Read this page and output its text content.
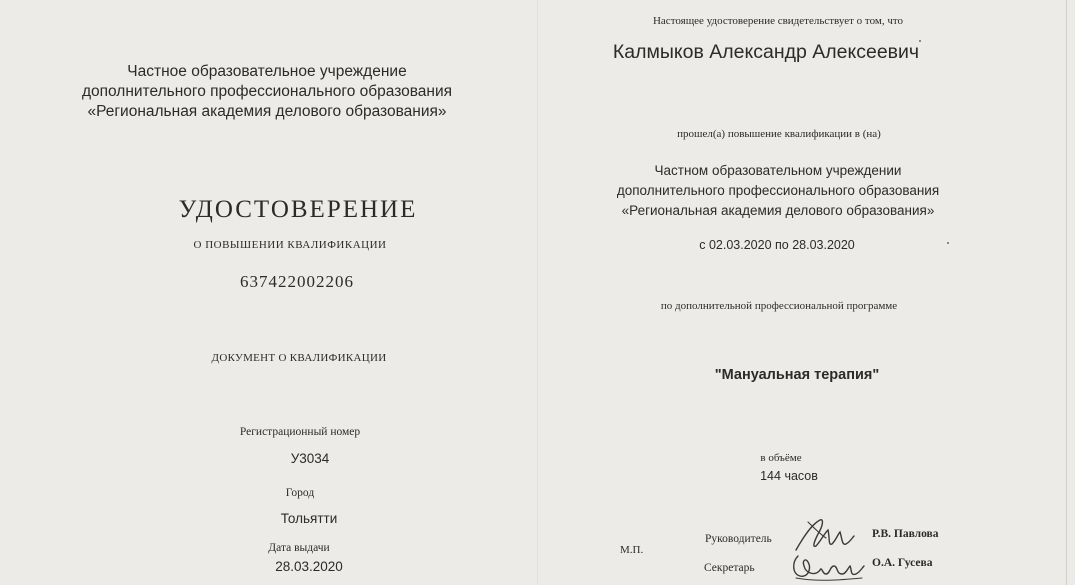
Частное образовательное учреждение
дополнительного профессионального образования
«Региональная академия делового образования»
УДОСТОВЕРЕНИЕ
О ПОВЫШЕНИИ КВАЛИФИКАЦИИ
637422002206
ДОКУМЕНТ О КВАЛИФИКАЦИИ
Регистрационный номер
У3034
Город
Тольятти
Дата выдачи
28.03.2020
Настоящее удостоверение свидетельствует о том, что
Калмыков Александр Алексеевич
прошел(а) повышение квалификации в (на)
Частном образовательном учреждении
дополнительного профессионального образования
«Региональная академия делового образования»
с 02.03.2020 по 28.03.2020
по дополнительной профессиональной программе
"Мануальная терапия"
в объёме
144 часов
М.П.
Руководитель
Секретарь
Р.В. Павлова
О.А. Гусева
